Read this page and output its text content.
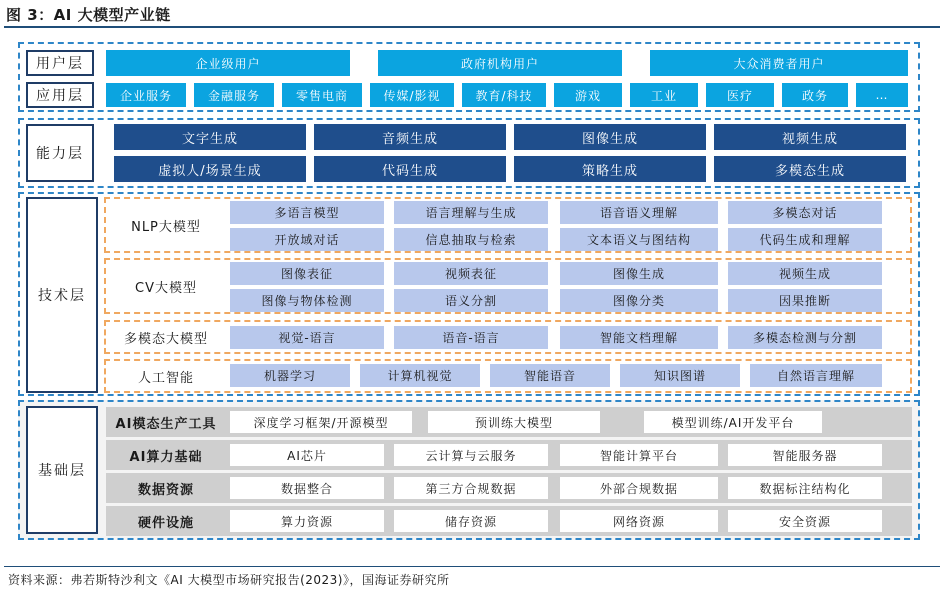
图 3：AI 大模型产业链
用户层
应用层
企业级用户	政府机构用户	大众消费者用户
企业服务	金融服务	零售电商	传媒/影视	教育/科技	游戏	工业	医疗	政务	…
能力层
文字生成	音频生成	图像生成	视频生成
虚拟人/场景生成	代码生成	策略生成	多模态生成
技术层
NLP大模型
多语言模型	语言理解与生成	语音语义理解	多模态对话
开放域对话	信息抽取与检索	文本语义与图结构	代码生成和理解
CV大模型
图像表征	视频表征	图像生成	视频生成
图像与物体检测	语义分割	图像分类	因果推断
多模态大模型	视觉-语言	语音-语言	智能文档理解	多模态检测与分割
人工智能	机器学习	计算机视觉	智能语音	知识图谱	自然语言理解
基础层
AI模态生产工具	深度学习框架/开源模型	预训练大模型	模型训练/AI开发平台
AI算力基础	AI芯片	云计算与云服务	智能计算平台	智能服务器
数据资源	数据整合	第三方合规数据	外部合规数据	数据标注结构化
硬件设施	算力资源	储存资源	网络资源	安全资源
资料来源：弗若斯特沙利文《AI 大模型市场研究报告(2023)》，国海证券研究所
